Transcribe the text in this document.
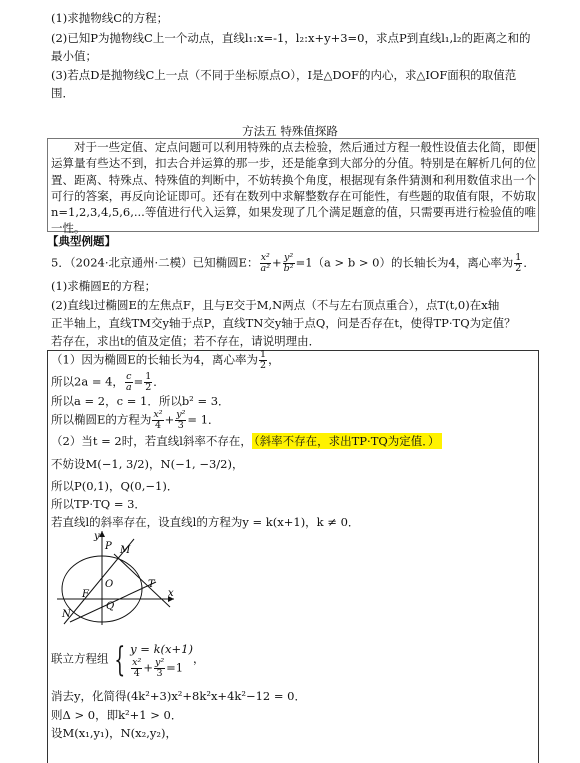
(1)求抛物线C的方程；
(2)已知P为抛物线C上一个动点，直线l₁:x=-1，l₂:x+y+3=0，求点P到直线l₁,l₂的距离之和的
最小值；
(3)若点D是抛物线C上一点（不同于坐标原点O），I是△DOF的内心，求△IOF面积的取值范
围．
方法五 特殊值探路
对于一些定值、定点问题可以利用特殊的点去检验，然后通过方程一般性设值去化简，即便运算量有些达不到，扣去合并运算的那一步，还是能拿到大部分的分值。特别是在解析几何的位置、距离、特殊点、特殊值的判断中，不妨转换个角度，根据现有条件猜测和利用数值求出一个可行的答案，再反向论证即可。还有在数列中求解整数存在可能性，有些题的取值有限，不妨取n=1,2,3,4,5,6,...等值进行代入运算，如果发现了几个满足题意的值，只需要再进行检验值的唯一性。
【典型例题】
5．（2024·北京通州·二模）已知椭圆E： $\frac{\text{x²}}{\text{a²}} + \frac{\text{y²}}{\text{b²}} =1(a > b > 0)$的长轴长为4，离心率为 $\frac{1}{2}$ ．
(1)求椭圆E的方程；
(2)直线l过椭圆E的左焦点F，且与E交于M,N两点（不与左右顶点重合），点T(t,0)在x轴
正半轴上，直线TM交y轴于点P，直线TN交y轴于点Q，问是否存在t，使得TP·TQ为定值？
若存在，求出t的值及定值；若不存在，请说明理由．
（1）因为椭圆E的长轴长为4，离心率为 $\frac{1}{2}$ ，
所以2a = 4， $\frac{c}{a} = \frac{1}{2}$ ．
所以a = 2，c = 1．所以b² = 3．
所以椭圆E的方程为 $\frac{\text{x²}}{4} + \frac{\text{y²}}{3} = 1$．
（2）当t = 2时，若直线l斜率不存在， （斜率不存在，求出TP·TQ为定值．）
不妨设M(−1, 3/2)，N(−1, −3/2)，
所以P(0,1)，Q(0,−1)．
所以TP·TQ = 3．
若直线l的斜率存在，设直线l的方程为y = k(x+1)，k ≠ 0．
y
P M
O	T
F
Q
N
x
联立方程组 { y = k(x+1)
$\frac{\text{x²}}{4} + \frac{\text{y²}}{3} =1$
，
消去y，化简得(4k²+3)x²+8k²x+4k²−12 = 0．
则Δ > 0，即k²+1 > 0．
设M(x₁,y₁)，N(x₂,y₂)，
